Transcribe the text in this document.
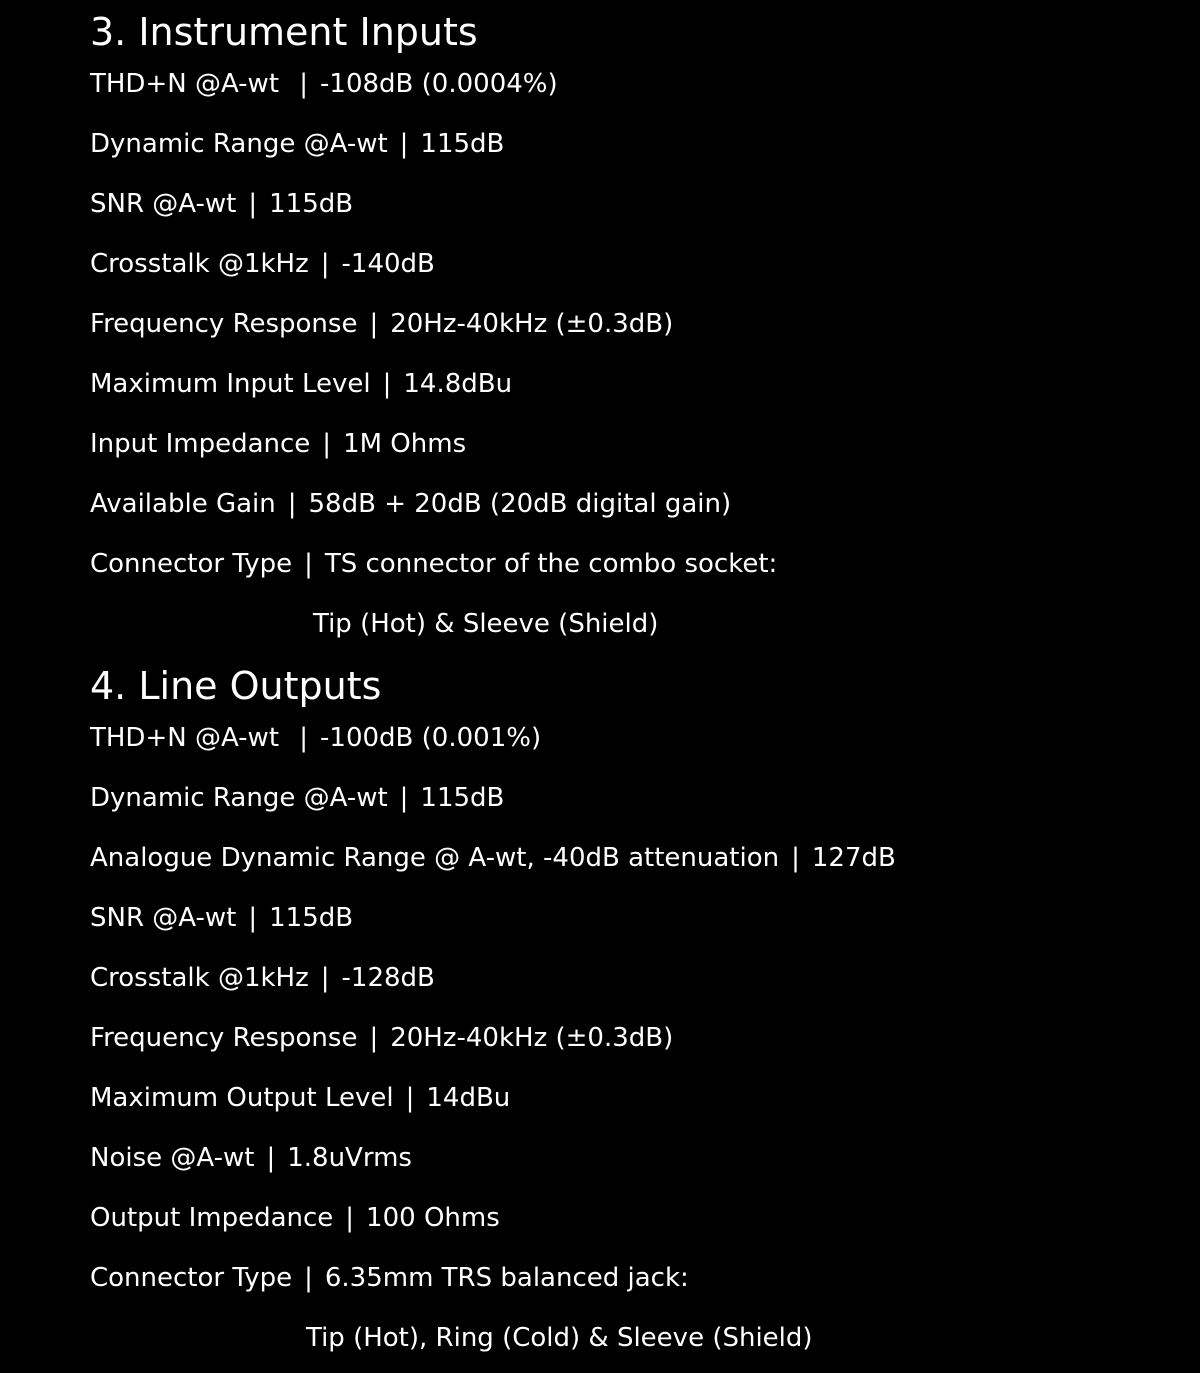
3. Instrument Inputs
THD+N @A-wt | -108dB (0.0004%)
Dynamic Range @A-wt | 115dB
SNR @A-wt | 115dB
Crosstalk @1kHz | -140dB
Frequency Response | 20Hz-40kHz (±0.3dB)
Maximum Input Level | 14.8dBu
Input Impedance | 1M Ohms
Available Gain | 58dB + 20dB (20dB digital gain)
Connector Type | TS connector of the combo socket:
Tip (Hot) & Sleeve (Shield)
4. Line Outputs
THD+N @A-wt | -100dB (0.001%)
Dynamic Range @A-wt | 115dB
Analogue Dynamic Range @ A-wt, -40dB attenuation | 127dB
SNR @A-wt | 115dB
Crosstalk @1kHz | -128dB
Frequency Response | 20Hz-40kHz (±0.3dB)
Maximum Output Level | 14dBu
Noise @A-wt | 1.8uVrms
Output Impedance | 100 Ohms
Connector Type | 6.35mm TRS balanced jack:
Tip (Hot), Ring (Cold) & Sleeve (Shield)
